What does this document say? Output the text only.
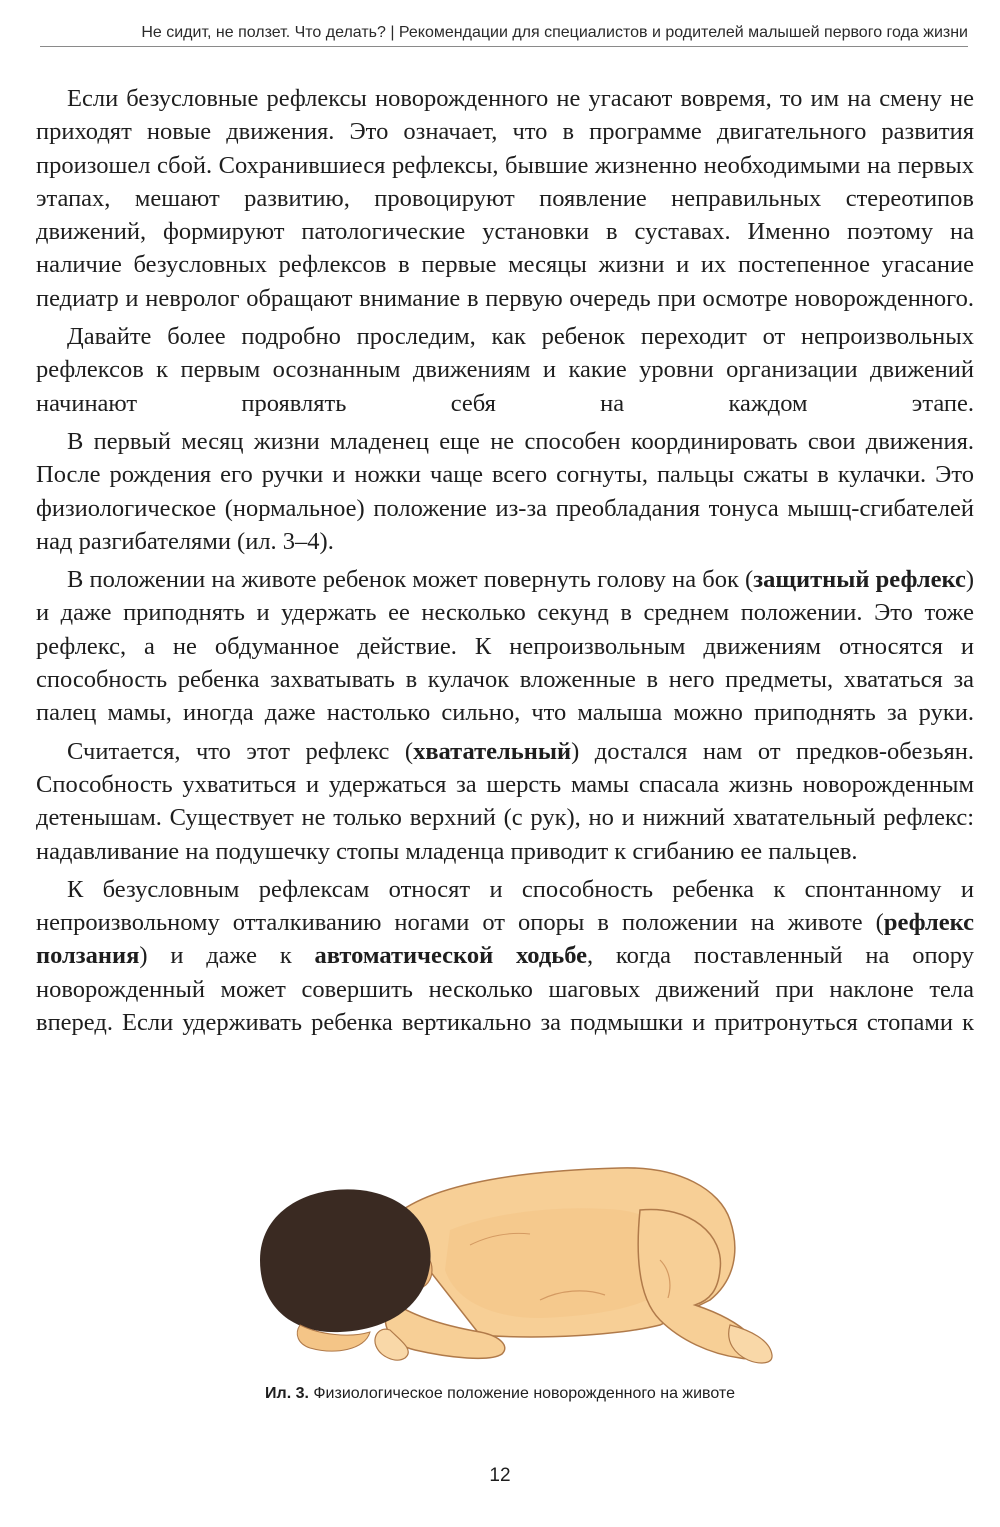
Не сидит, не ползет. Что делать? | Рекомендации для специалистов и родителей малышей первого года жизни

Если безусловные рефлексы новорожденного не угасают вовремя, то им на смену не приходят новые движения. Это означает, что в программе двигательного развития произошел сбой. Сохранившиеся рефлексы, бывшие жизненно необходимыми на первых этапах, мешают развитию, провоцируют появление неправильных стереотипов движений, формируют патологические установки в суставах. Именно поэтому на наличие безусловных рефлексов в первые месяцы жизни и их постепенное угасание педиатр и невролог обращают внимание в первую очередь при осмотре новорожденного.

Давайте более подробно проследим, как ребенок переходит от непроизвольных рефлексов к первым осознанным движениям и какие уровни организации движений начинают проявлять себя на каждом этапе.

В первый месяц жизни младенец еще не способен координировать свои движения. После рождения его ручки и ножки чаще всего согнуты, пальцы сжаты в кулачки. Это физиологическое (нормальное) положение из-за преобладания тонуса мышц-сгибателей над разгибателями (ил. 3–4).

В положении на животе ребенок может повернуть голову на бок (защитный рефлекс) и даже приподнять и удержать ее несколько секунд в среднем положении. Это тоже рефлекс, а не обдуманное действие. К непроизвольным движениям относятся и способность ребенка захватывать в кулачок вложенные в него предметы, хвататься за палец мамы, иногда даже настолько сильно, что малыша можно приподнять за руки.

Считается, что этот рефлекс (хватательный) достался нам от предков-обезьян. Способность ухватиться и удержаться за шерсть мамы спасала жизнь новорожденным детенышам. Существует не только верхний (с рук), но и нижний хватательный рефлекс: надавливание на подушечку стопы младенца приводит к сгибанию ее пальцев.

К безусловным рефлексам относят и способность ребенка к спонтанному и непроизвольному отталкиванию ногами от опоры в положении на животе (рефлекс ползания) и даже к автоматической ходьбе, когда поставленный на опору новорожденный может совершить несколько шаговых движений при наклоне тела вперед. Если удерживать ребенка вертикально за подмышки и притронуться стопами к

Ил. 3. Физиологическое положение новорожденного на животе
12
